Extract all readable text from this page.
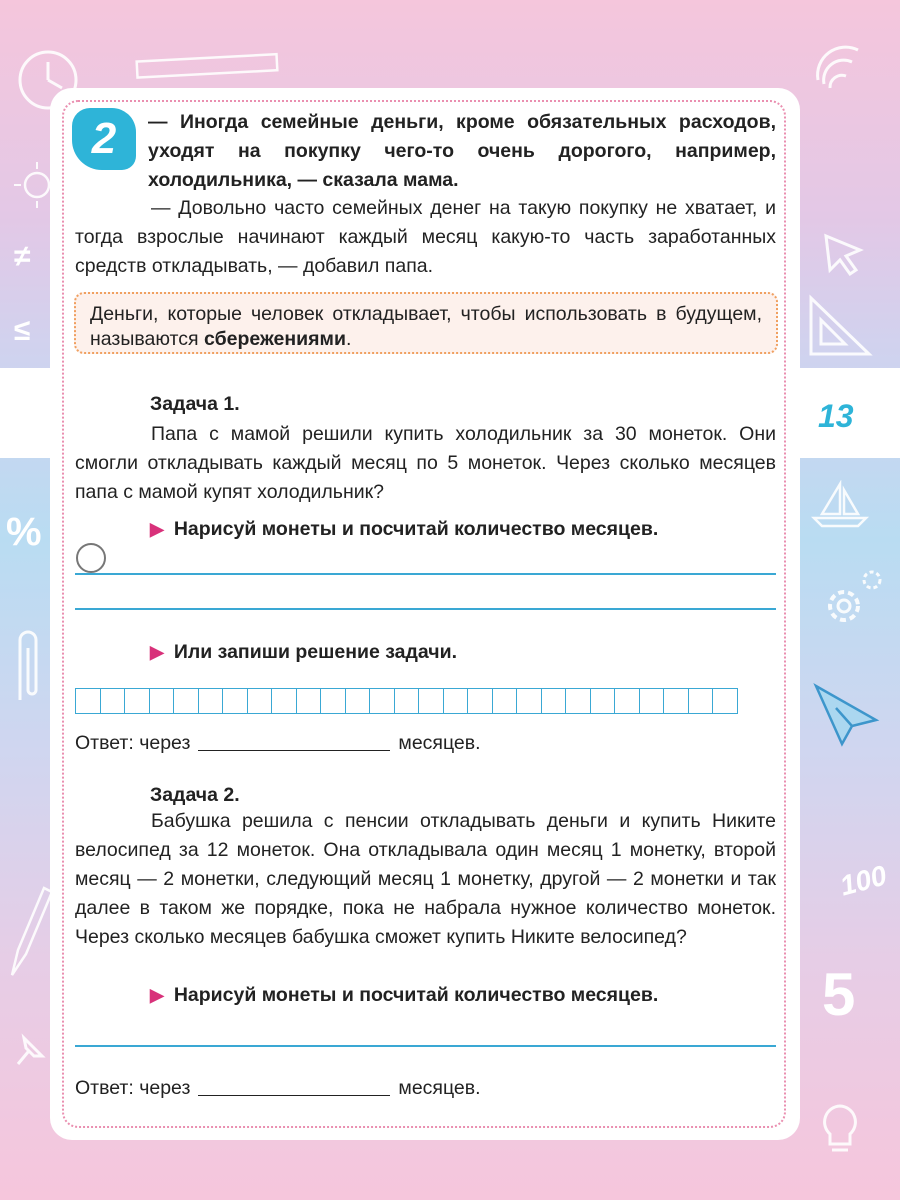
≠
≤
%
100
5
13
2	— Иногда семейные деньги, кроме обязательных расходов, уходят на покупку чего-то очень дорогого, например, холодильника, — сказала мама.
— Довольно часто семейных денег на такую покупку не хватает, и тогда взрослые начинают каждый месяц какую-то часть заработанных средств откладывать, — добавил папа.
Деньги, которые человек откладывает, чтобы использовать в будущем, называются сбережениями.
Задача 1.
Папа с мамой решили купить холодильник за 30 монеток. Они смогли откладывать каждый месяц по 5 монеток. Через сколько месяцев папа с мамой купят холодильник?
▶ Нарисуй монеты и посчитай количество месяцев.
▶ Или запиши решение задачи.
Ответ: через	месяцев.
Задача 2.
Бабушка решила с пенсии откладывать деньги и купить Никите велосипед за 12 монеток. Она откладывала один месяц 1 монетку, второй месяц — 2 монетки, следующий месяц 1 монетку, другой — 2 монетки и так далее в таком же порядке, пока не набрала нужное количество монеток. Через сколько месяцев бабушка сможет купить Никите велосипед?
▶ Нарисуй монеты и посчитай количество месяцев.
Ответ: через	месяцев.
